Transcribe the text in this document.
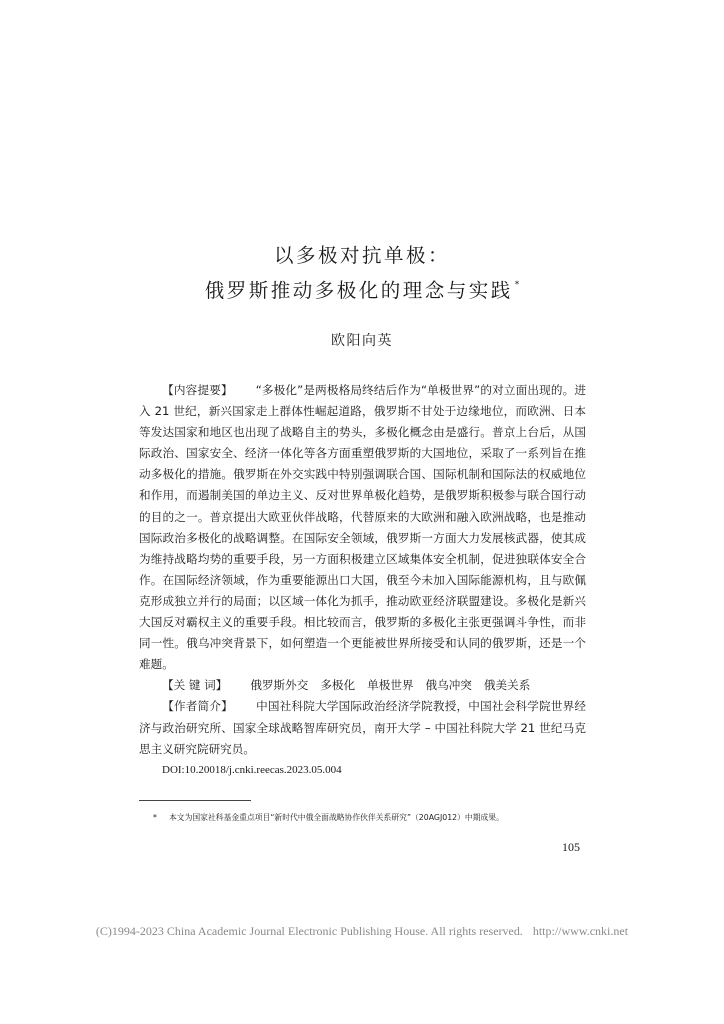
以多极对抗单极：
俄罗斯推动多极化的理念与实践 *
欧阳向英

【内容提要】 “多极化”是两极格局终结后作为“单极世界”的对立面出现的。进入 21 世纪，新兴国家走上群体性崛起道路，俄罗斯不甘处于边缘地位，而欧洲、日本等发达国家和地区也出现了战略自主的势头，多极化概念由是盛行。普京上台后，从国际政治、国家安全、经济一体化等各方面重塑俄罗斯的大国地位，采取了一系列旨在推动多极化的措施。俄罗斯在外交实践中特别强调联合国、国际机制和国际法的权威地位和作用，而遏制美国的单边主义、反对世界单极化趋势，是俄罗斯积极参与联合国行动的目的之一。普京提出大欧亚伙伴战略，代替原来的大欧洲和融入欧洲战略，也是推动国际政治多极化的战略调整。在国际安全领域，俄罗斯一方面大力发展核武器，使其成为维持战略均势的重要手段，另一方面积极建立区域集体安全机制，促进独联体安全合作。在国际经济领域，作为重要能源出口大国，俄至今未加入国际能源机构，且与欧佩克形成独立并行的局面；以区域一体化为抓手，推动欧亚经济联盟建设。多极化是新兴大国反对霸权主义的重要手段。相比较而言，俄罗斯的多极化主张更强调斗争性，而非同一性。俄乌冲突背景下，如何塑造一个更能被世界所接受和认同的俄罗斯，还是一个难题。

【关 键 词】 俄罗斯外交 多极化 单极世界 俄乌冲突 俄美关系

【作者简介】 中国社科院大学国际政治经济学院教授，中国社会科学院世界经济与政治研究所、国家全球战略智库研究员，南开大学 – 中国社科院大学 21 世纪马克思主义研究院研究员。

DOI:10.20018/j.cnki.reecas.2023.05.004

* 本文为国家社科基金重点项目“新时代中俄全面战略协作伙伴关系研究”（20AGJ012）中期成果。
105
(C)1994-2023 China Academic Journal Electronic Publishing House. All rights reserved. http://www.cnki.net
